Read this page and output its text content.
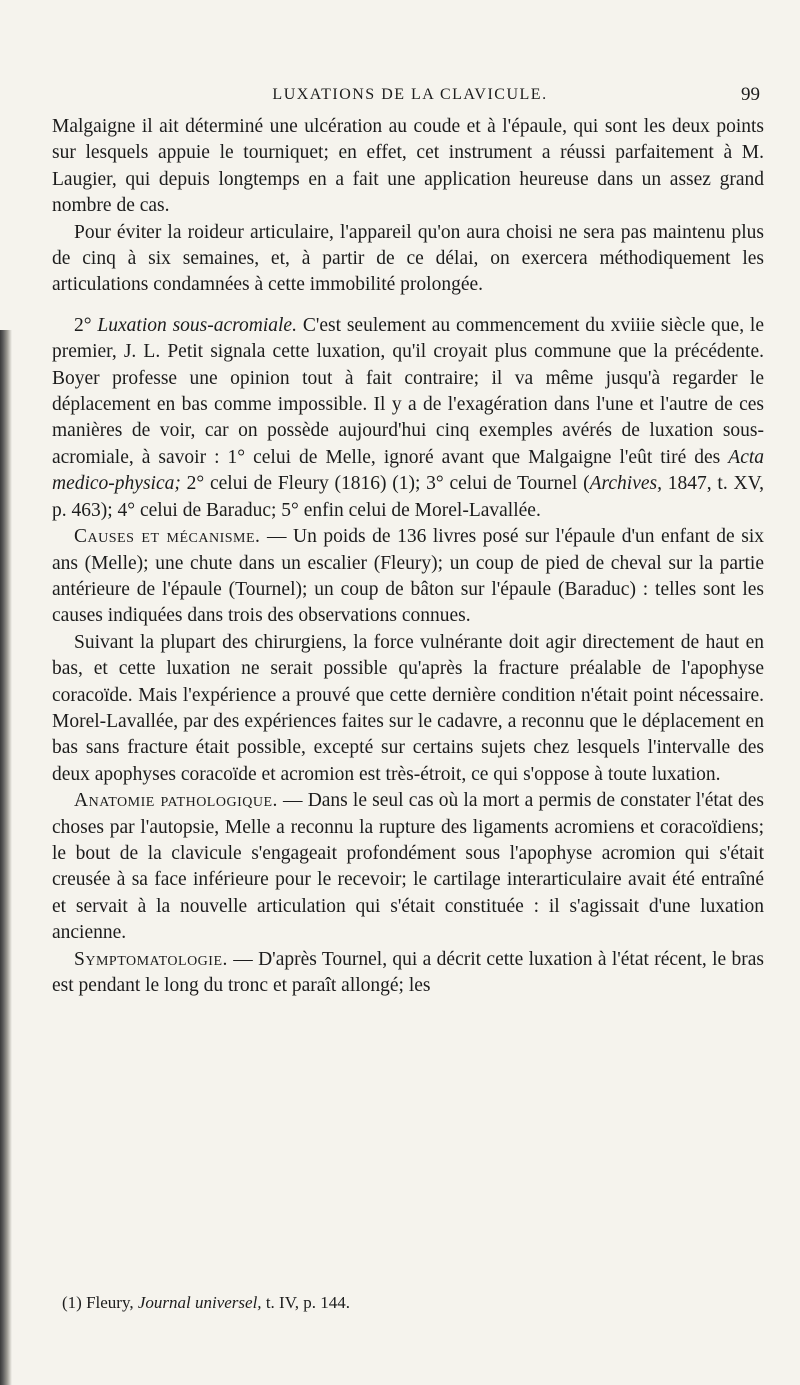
LUXATIONS DE LA CLAVICULE.	99

Malgaigne il ait déterminé une ulcération au coude et à l'épaule, qui sont les deux points sur lesquels appuie le tourniquet; en effet, cet instrument a réussi parfaitement à M. Laugier, qui depuis longtemps en a fait une application heureuse dans un assez grand nombre de cas.

Pour éviter la roideur articulaire, l'appareil qu'on aura choisi ne sera pas maintenu plus de cinq à six semaines, et, à partir de ce délai, on exercera méthodiquement les articulations condamnées à cette immobilité prolongée.

2° Luxation sous-acromiale. C'est seulement au commencement du xviiie siècle que, le premier, J. L. Petit signala cette luxation, qu'il croyait plus commune que la précédente. Boyer professe une opinion tout à fait contraire; il va même jusqu'à regarder le déplacement en bas comme impossible. Il y a de l'exagération dans l'une et l'autre de ces manières de voir, car on possède aujourd'hui cinq exemples avérés de luxation sous-acromiale, à savoir : 1° celui de Melle, ignoré avant que Malgaigne l'eût tiré des Acta medico-physica; 2° celui de Fleury (1816) (1); 3° celui de Tournel (Archives, 1847, t. XV, p. 463); 4° celui de Baraduc; 5° enfin celui de Morel-Lavallée.

Causes et mécanisme. — Un poids de 136 livres posé sur l'épaule d'un enfant de six ans (Melle); une chute dans un escalier (Fleury); un coup de pied de cheval sur la partie antérieure de l'épaule (Tournel); un coup de bâton sur l'épaule (Baraduc) : telles sont les causes indiquées dans trois des observations connues.

Suivant la plupart des chirurgiens, la force vulnérante doit agir directement de haut en bas, et cette luxation ne serait possible qu'après la fracture préalable de l'apophyse coracoïde. Mais l'expérience a prouvé que cette dernière condition n'était point nécessaire. Morel-Lavallée, par des expériences faites sur le cadavre, a reconnu que le déplacement en bas sans fracture était possible, excepté sur certains sujets chez lesquels l'intervalle des deux apophyses coracoïde et acromion est très-étroit, ce qui s'oppose à toute luxation.

Anatomie pathologique. — Dans le seul cas où la mort a permis de constater l'état des choses par l'autopsie, Melle a reconnu la rupture des ligaments acromiens et coracoïdiens; le bout de la clavicule s'engageait profondément sous l'apophyse acromion qui s'était creusée à sa face inférieure pour le recevoir; le cartilage interarticulaire avait été entraîné et servait à la nouvelle articulation qui s'était constituée : il s'agissait d'une luxation ancienne.

Symptomatologie. — D'après Tournel, qui a décrit cette luxation à l'état récent, le bras est pendant le long du tronc et paraît allongé; les

(1) Fleury, Journal universel, t. IV, p. 144.
